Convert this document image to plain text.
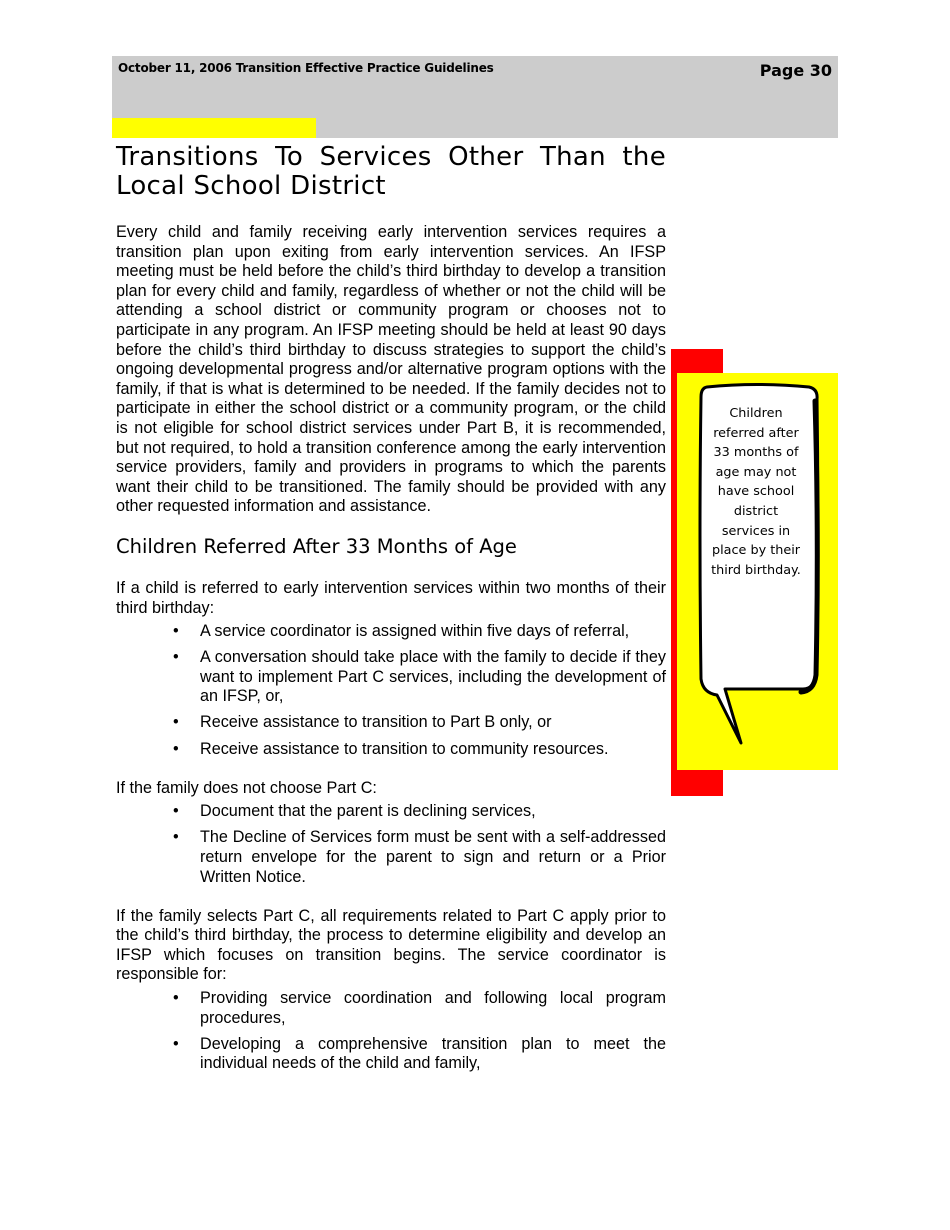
October 11, 2006 Transition Effective Practice Guidelines	Page 30
Transitions To Services Other Than the Local School District

Every child and family receiving early intervention services requires a transition plan upon exiting from early intervention services. An IFSP meeting must be held before the child’s third birthday to develop a transition plan for every child and family, regardless of whether or not the child will be attending a school district or community program or chooses not to participate in any program. An IFSP meeting should be held at least 90 days before the child’s third birthday to discuss strategies to support the child’s ongoing developmental progress and/or alternative program options with the family, if that is what is determined to be needed. If the family decides not to participate in either the school district or a community program, or the child is not eligible for school district services under Part B, it is recommended, but not required, to hold a transition conference among the early intervention service providers, family and providers in programs to which the parents want their child to be transitioned. The family should be provided with any other requested information and assistance.

Children Referred After 33 Months of Age

If a child is referred to early intervention services within two months of their third birthday:

• A service coordinator is assigned within five days of referral,
• A conversation should take place with the family to decide if they want to implement Part C services, including the development of an IFSP, or,
• Receive assistance to transition to Part B only, or
• Receive assistance to transition to community resources.

If the family does not choose Part C:

• Document that the parent is declining services,
• The Decline of Services form must be sent with a self-addressed return envelope for the parent to sign and return or a Prior Written Notice.

If the family selects Part C, all requirements related to Part C apply prior to the child’s third birthday, the process to determine eligibility and develop an IFSP which focuses on transition begins. The service coordinator is responsible for:

• Providing service coordination and following local program procedures,
• Developing a comprehensive transition plan to meet the individual needs of the child and family,
Children referred after 33 months of age may not have school district services in place by their third birthday.
